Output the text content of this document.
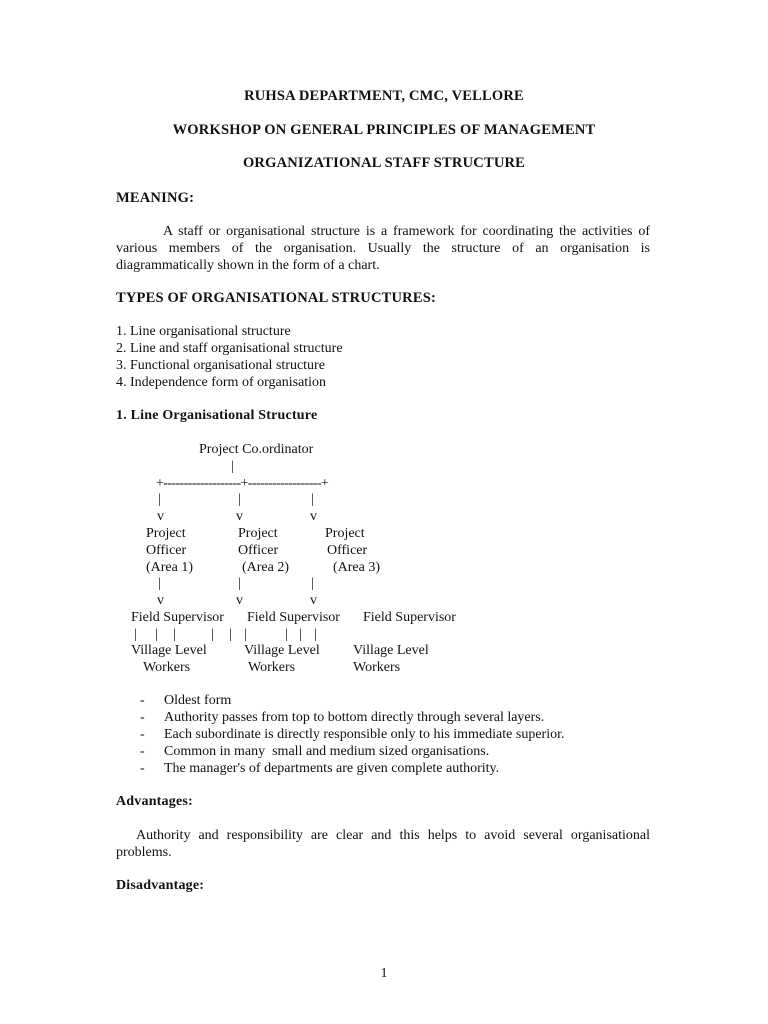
RUHSA DEPARTMENT, CMC, VELLORE
WORKSHOP ON GENERAL PRINCIPLES OF MANAGEMENT
ORGANIZATIONAL STAFF STRUCTURE
MEANING:

A staff or organisational structure is a framework for coordinating the activities of various members of the organisation. Usually the structure of an organisation is diagrammatically shown in the form of a chart.

TYPES OF ORGANISATIONAL STRUCTURES:
1. Line organisational structure
2. Line and staff organisational structure
3. Functional organisational structure
4. Independence form of organisation
1. Line Organisational Structure
Project Co.ordinator
|
+-------------------+------------------+
|	|	|
v	v	v
Project
Officer
(Area 1)
Project
Officer
(Area 2)
Project
Officer
(Area 3)
|	|	|
v	v	v
Field Supervisor Field Supervisor Field Supervisor
| | |	| | |	| | |
Village Level
Workers
Village Level
Workers
Village Level
Workers
- Oldest form
- Authority passes from top to bottom directly through several layers.
- Each subordinate is directly responsible only to his immediate superior.
- Common in many  small and medium sized organisations.
- The manager's of departments are given complete authority.
Advantages:

Authority and responsibility are clear and this helps to avoid several organisational problems.

Disadvantage:
1
